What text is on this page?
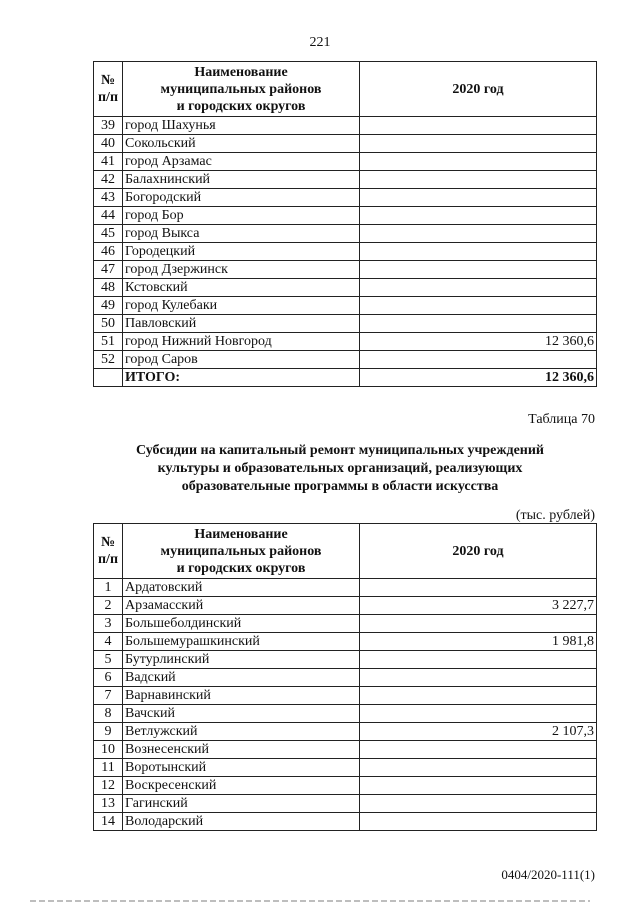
221
№
п/п	Наименование
муниципальных районов
и городских округов	2020 год
39	город Шахунья	
40	Сокольский	
41	город Арзамас	
42	Балахнинский	
43	Богородский	
44	город Бор	
45	город Выкса	
46	Городецкий	
47	город Дзержинск	
48	Кстовский	
49	город Кулебаки	
50	Павловский	
51	город Нижний Новгород	12 360,6
52	город Саров	
	ИТОГО:	12 360,6
Таблица 70
Субсидии на капитальный ремонт муниципальных учреждений
культуры и образовательных организаций, реализующих
образовательные программы в области искусства
(тыс. рублей)
№
п/п	Наименование
муниципальных районов
и городских округов	2020 год
1	Ардатовский	
2	Арзамасский	3 227,7
3	Большеболдинский	
4	Большемурашкинский	1 981,8
5	Бутурлинский	
6	Вадский	
7	Варнавинский	
8	Вачский	
9	Ветлужский	2 107,3
10	Вознесенский	
11	Воротынский	
12	Воскресенский	
13	Гагинский	
14	Володарский	
0404/2020-111(1)
